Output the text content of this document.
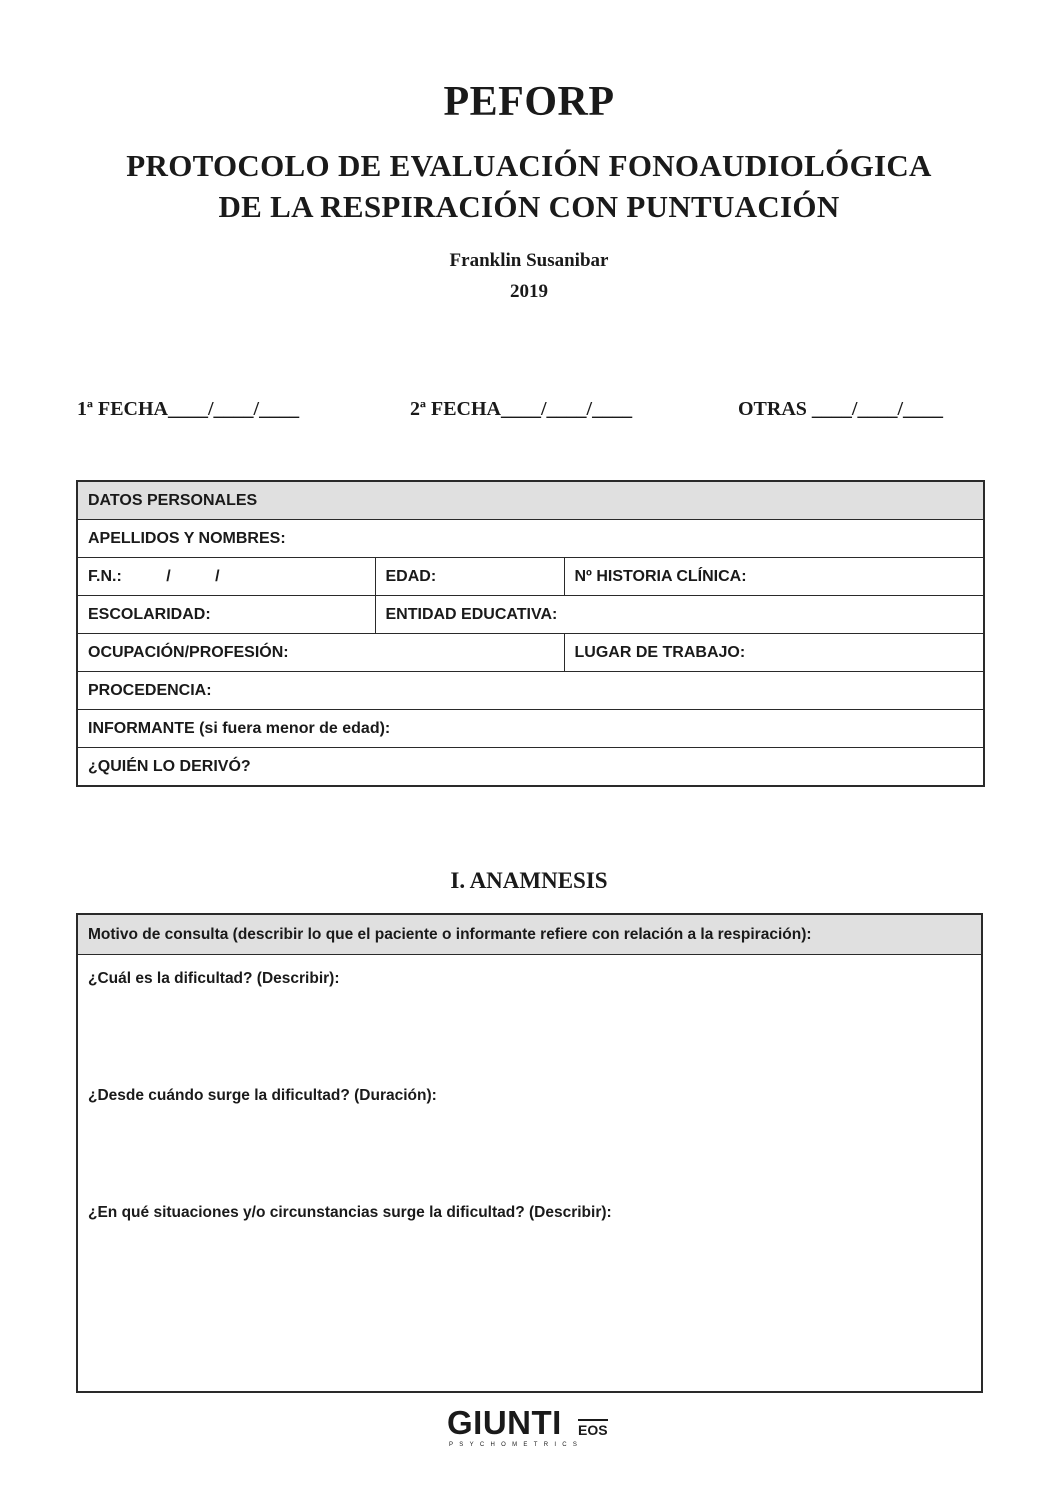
PEFORP
PROTOCOLO DE EVALUACIÓN FONOAUDIOLÓGICA
DE LA RESPIRACIÓN CON PUNTUACIÓN
Franklin Susanibar
2019
1ª FECHA____/____/____	2ª FECHA____/____/____	OTRAS ____/____/____
DATOS PERSONALES		
APELLIDOS Y NOMBRES:		
F.N.:          /          /	EDAD:	Nº HISTORIA CLÍNICA:
ESCOLARIDAD:	ENTIDAD EDUCATIVA:	
OCUPACIÓN/PROFESIÓN:		LUGAR DE TRABAJO:
PROCEDENCIA:		
INFORMANTE (si fuera menor de edad):		
¿QUIÉN LO DERIVÓ?		
I. ANAMNESIS
Motivo de consulta (describir lo que el paciente o informante refiere con relación a la respiración):
¿Cuál es la dificultad? (Describir):
¿Desde cuándo surge la dificultad? (Duración):
¿En qué situaciones y/o circunstancias surge la dificultad? (Describir):
GIUNTI EOS
PSYCHOMETRICS
